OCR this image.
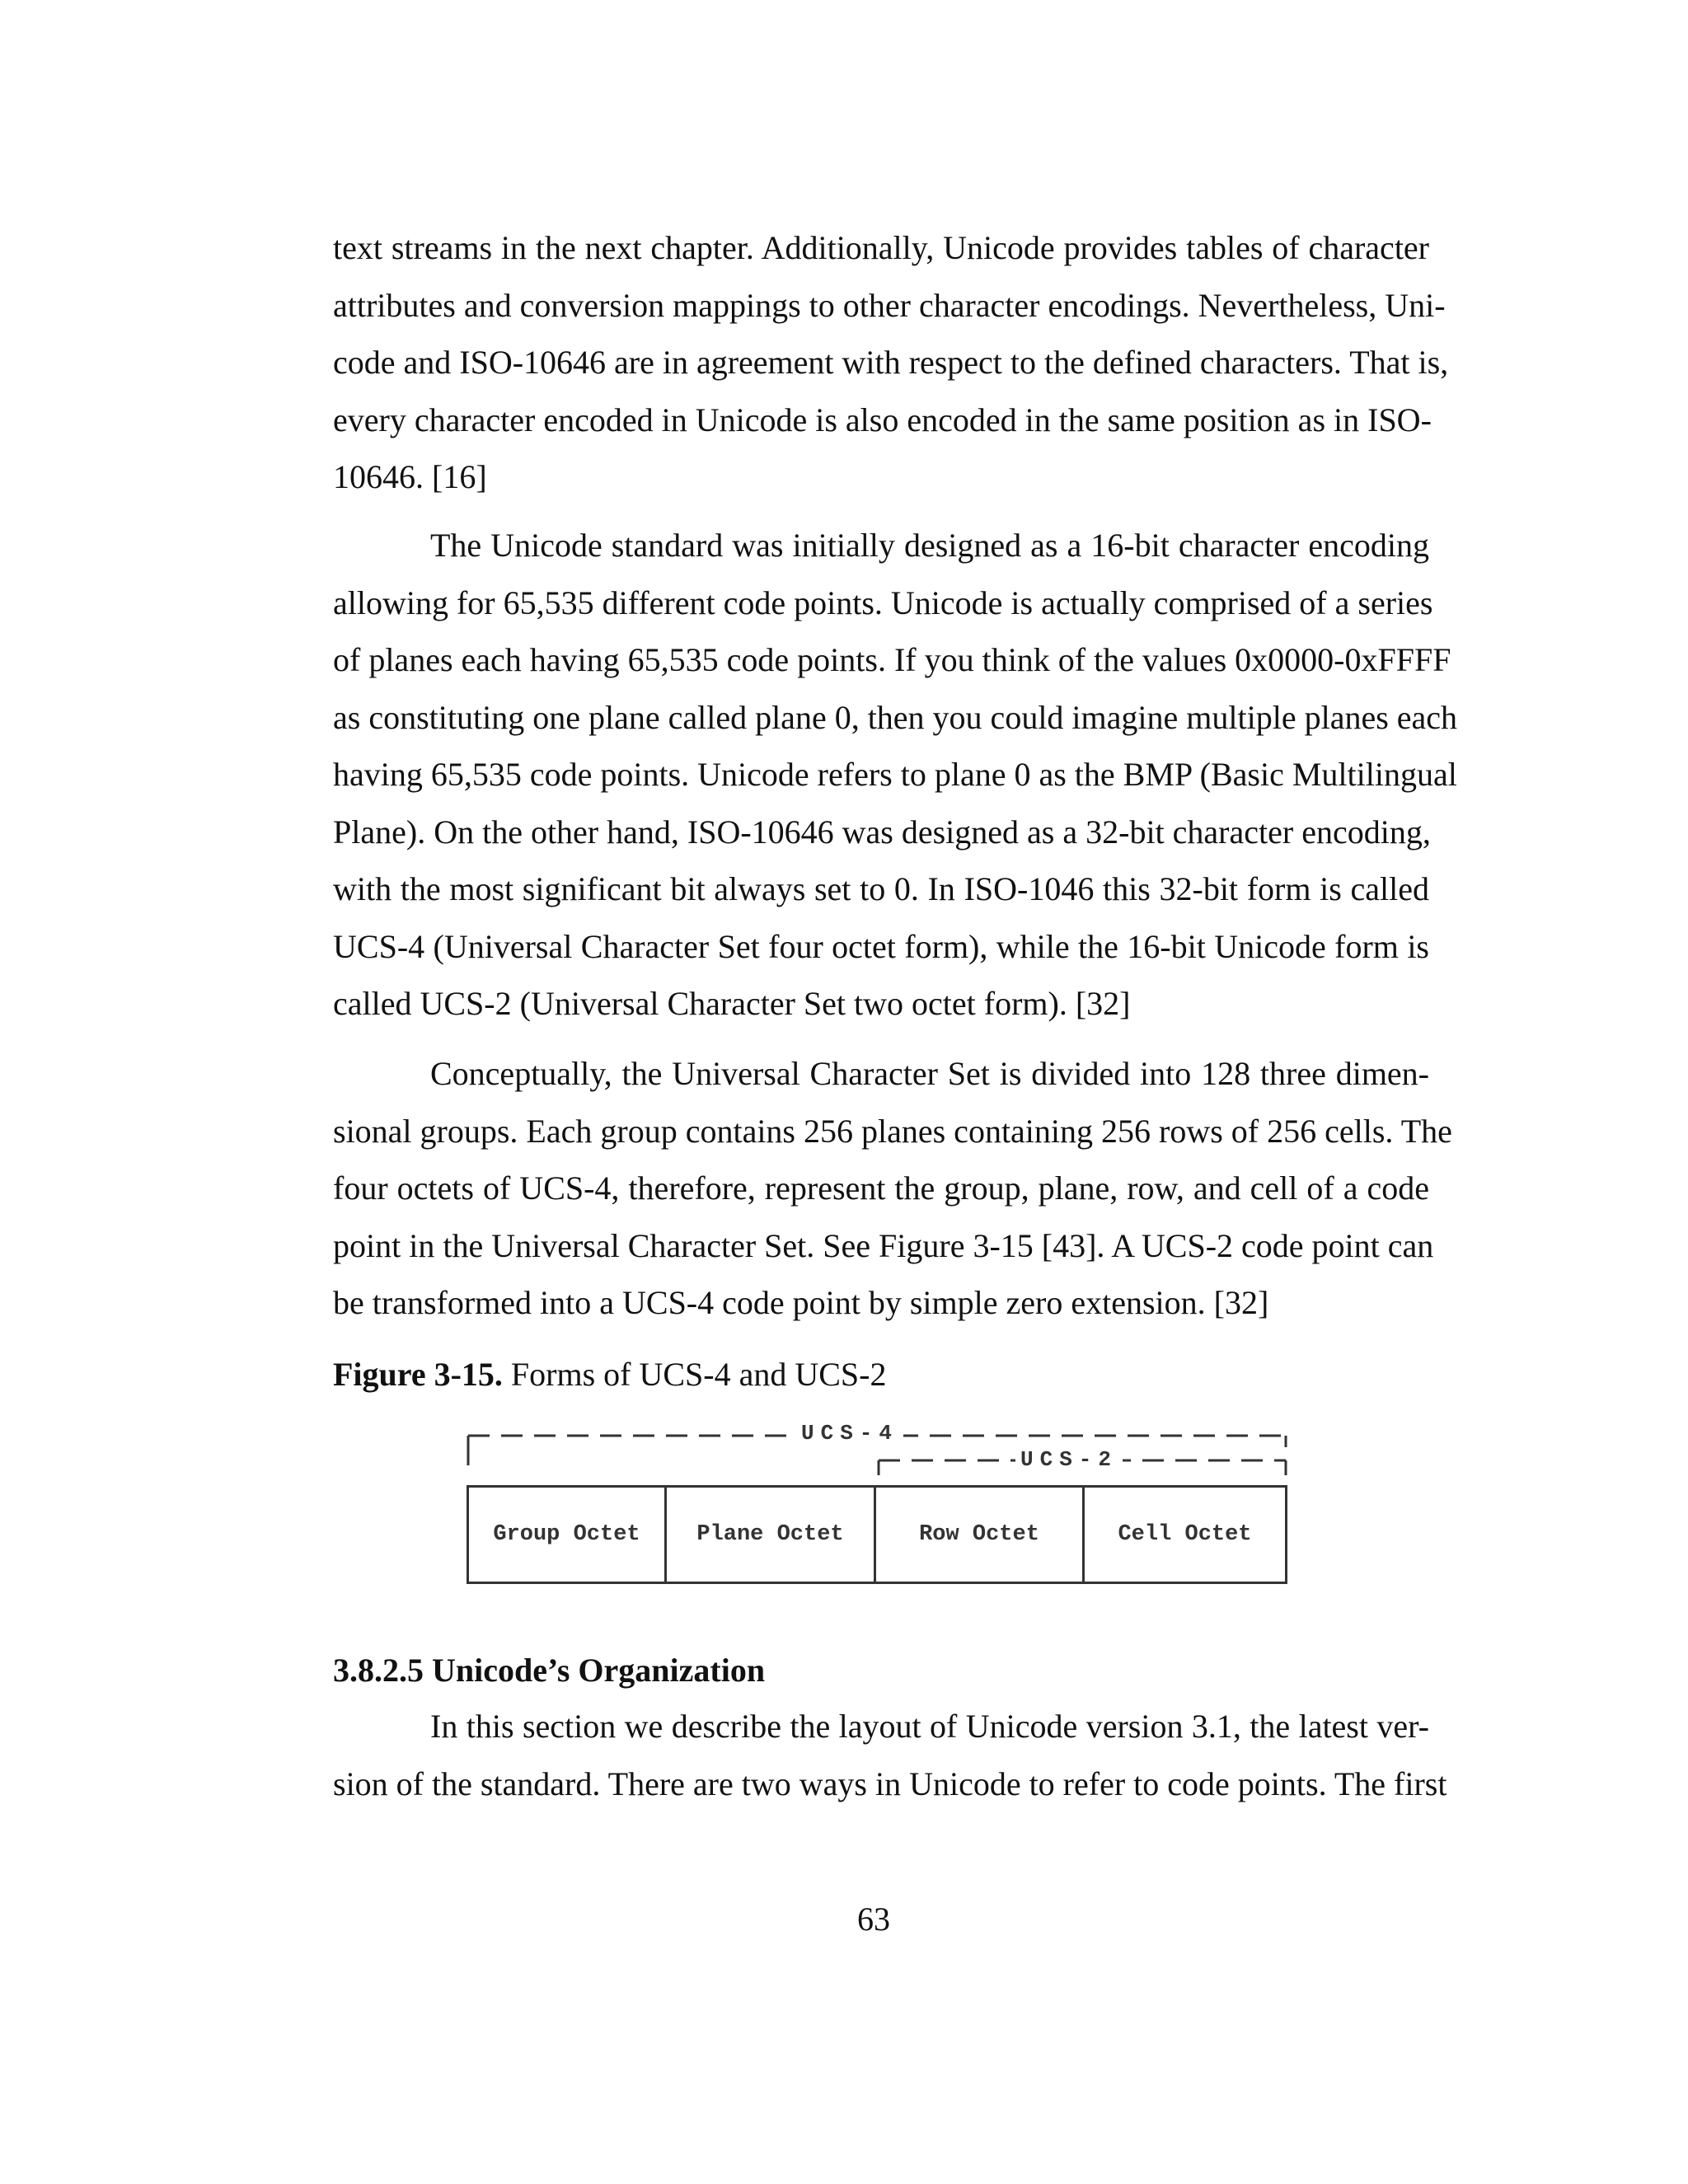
text streams in the next chapter. Additionally, Unicode provides tables of character
attributes and conversion mappings to other character encodings. Nevertheless, Uni-
code and ISO-10646 are in agreement with respect to the defined characters. That is,
every character encoded in Unicode is also encoded in the same position as in ISO-
10646. [16]

The Unicode standard was initially designed as a 16-bit character encoding
allowing for 65,535 different code points. Unicode is actually comprised of a series
of planes each having 65,535 code points. If you think of the values 0x0000-0xFFFF
as constituting one plane called plane 0, then you could imagine multiple planes each
having 65,535 code points. Unicode refers to plane 0 as the BMP (Basic Multilingual
Plane). On the other hand, ISO-10646 was designed as a 32-bit character encoding,
with the most significant bit always set to 0. In ISO-1046 this 32-bit form is called
UCS-4 (Universal Character Set four octet form), while the 16-bit Unicode form is
called UCS-2 (Universal Character Set two octet form). [32]

Conceptually, the Universal Character Set is divided into 128 three dimen-
sional groups. Each group contains 256 planes containing 256 rows of 256 cells. The
four octets of UCS-4, therefore, represent the group, plane, row, and cell of a code
point in the Universal Character Set. See Figure 3-15 [43]. A UCS-2 code point can
be transformed into a UCS-4 code point by simple zero extension. [32]

Figure 3-15. Forms of UCS-4 and UCS-2

UCS-4
UCS-2
Group Octet	Plane Octet	Row Octet	Cell Octet
3.8.2.5 Unicode’s Organization

In this section we describe the layout of Unicode version 3.1, the latest ver-
sion of the standard. There are two ways in Unicode to refer to code points. The first

63
